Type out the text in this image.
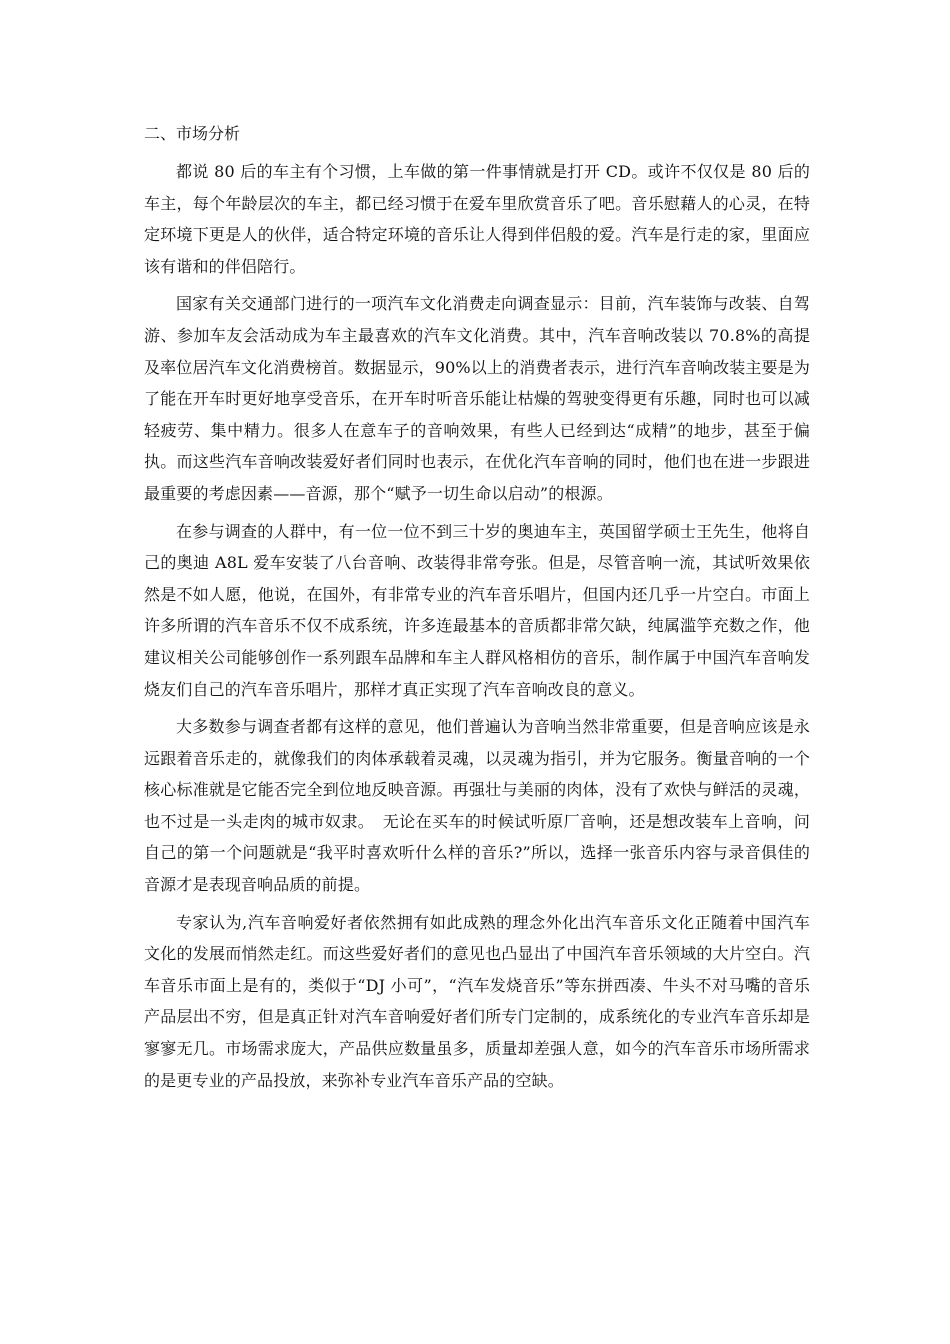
二、市场分析

都说 80 后的车主有个习惯，上车做的第一件事情就是打开 CD。或许不仅仅是 80 后的车主，每个年龄层次的车主，都已经习惯于在爱车里欣赏音乐了吧。音乐慰藉人的心灵，在特定环境下更是人的伙伴，适合特定环境的音乐让人得到伴侣般的爱。汽车是行走的家，里面应该有谐和的伴侣陪行。

国家有关交通部门进行的一项汽车文化消费走向调查显示：目前，汽车装饰与改装、自驾游、参加车友会活动成为车主最喜欢的汽车文化消费。其中，汽车音响改装以 70.8%的高提及率位居汽车文化消费榜首。数据显示，90%以上的消费者表示，进行汽车音响改装主要是为了能在开车时更好地享受音乐，在开车时听音乐能让枯燥的驾驶变得更有乐趣，同时也可以减轻疲劳、集中精力。很多人在意车子的音响效果，有些人已经到达“成精”的地步，甚至于偏执。而这些汽车音响改装爱好者们同时也表示，在优化汽车音响的同时，他们也在进一步跟进最重要的考虑因素——音源，那个“赋予一切生命以启动”的根源。

在参与调查的人群中，有一位一位不到三十岁的奥迪车主，英国留学硕士王先生，他将自己的奥迪 A8L 爱车安装了八台音响、改装得非常夸张。但是，尽管音响一流，其试听效果依然是不如人愿，他说，在国外，有非常专业的汽车音乐唱片，但国内还几乎一片空白。市面上许多所谓的汽车音乐不仅不成系统，许多连最基本的音质都非常欠缺，纯属滥竽充数之作，他建议相关公司能够创作一系列跟车品牌和车主人群风格相仿的音乐，制作属于中国汽车音响发烧友们自己的汽车音乐唱片，那样才真正实现了汽车音响改良的意义。

大多数参与调查者都有这样的意见，他们普遍认为音响当然非常重要，但是音响应该是永远跟着音乐走的，就像我们的肉体承载着灵魂，以灵魂为指引，并为它服务。衡量音响的一个核心标准就是它能否完全到位地反映音源。再强壮与美丽的肉体，没有了欢快与鲜活的灵魂，也不过是一头走肉的城市奴隶。　无论在买车的时候试听原厂音响，还是想改装车上音响，问自己的第一个问题就是“我平时喜欢听什么样的音乐?”所以，选择一张音乐内容与录音俱佳的音源才是表现音响品质的前提。

专家认为,汽车音响爱好者依然拥有如此成熟的理念外化出汽车音乐文化正随着中国汽车文化的发展而悄然走红。而这些爱好者们的意见也凸显出了中国汽车音乐领域的大片空白。汽车音乐市面上是有的，类似于“DJ 小可”，“汽车发烧音乐”等东拼西凑、牛头不对马嘴的音乐产品层出不穷，但是真正针对汽车音响爱好者们所专门定制的，成系统化的专业汽车音乐却是寥寥无几。市场需求庞大，产品供应数量虽多，质量却差强人意，如今的汽车音乐市场所需求的是更专业的产品投放，来弥补专业汽车音乐产品的空缺。
